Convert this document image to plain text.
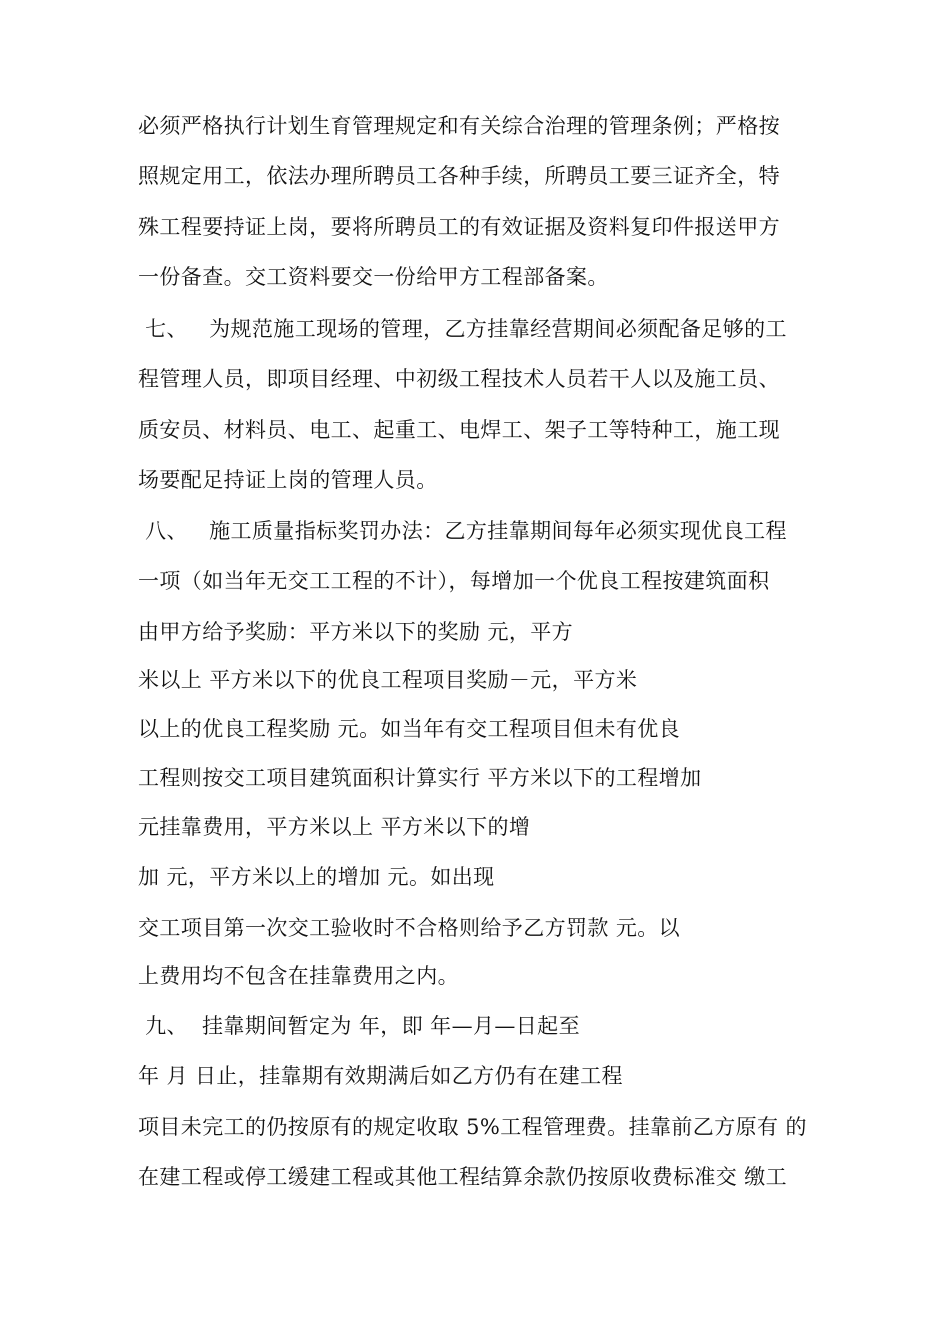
必须严格执行计划生育管理规定和有关综合治理的管理条例；严格按
照规定用工，依法办理所聘员工各种手续，所聘员工要三证齐全，特
殊工程要持证上岗，要将所聘员工的有效证据及资料复印件报送甲方
一份备查。交工资料要交一份给甲方工程部备案。
七、   为规范施工现场的管理，乙方挂靠经营期间必须配备足够的工
程管理人员，即项目经理、中初级工程技术人员若干人以及施工员、
质安员、材料员、电工、起重工、电焊工、架子工等特种工，施工现
场要配足持证上岗的管理人员。
八、   施工质量指标奖罚办法：乙方挂靠期间每年必须实现优良工程
一项（如当年无交工工程的不计），每增加一个优良工程按建筑面积
由甲方给予奖励：平方米以下的奖励 元，平方
米以上 平方米以下的优良工程项目奖励－元，平方米
以上的优良工程奖励 元。如当年有交工程项目但未有优良
工程则按交工项目建筑面积计算实行 平方米以下的工程增加
元挂靠费用，平方米以上 平方米以下的增
加 元，平方米以上的增加 元。如出现
交工项目第一次交工验收时不合格则给予乙方罚款 元。以
上费用均不包含在挂靠费用之内。
九、  挂靠期间暂定为 年，即 年—月—日起至
年 月 日止，挂靠期有效期满后如乙方仍有在建工程
项目未完工的仍按原有的规定收取 5%工程管理费。挂靠前乙方原有 的
在建工程或停工缓建工程或其他工程结算余款仍按原收费标准交 缴工
